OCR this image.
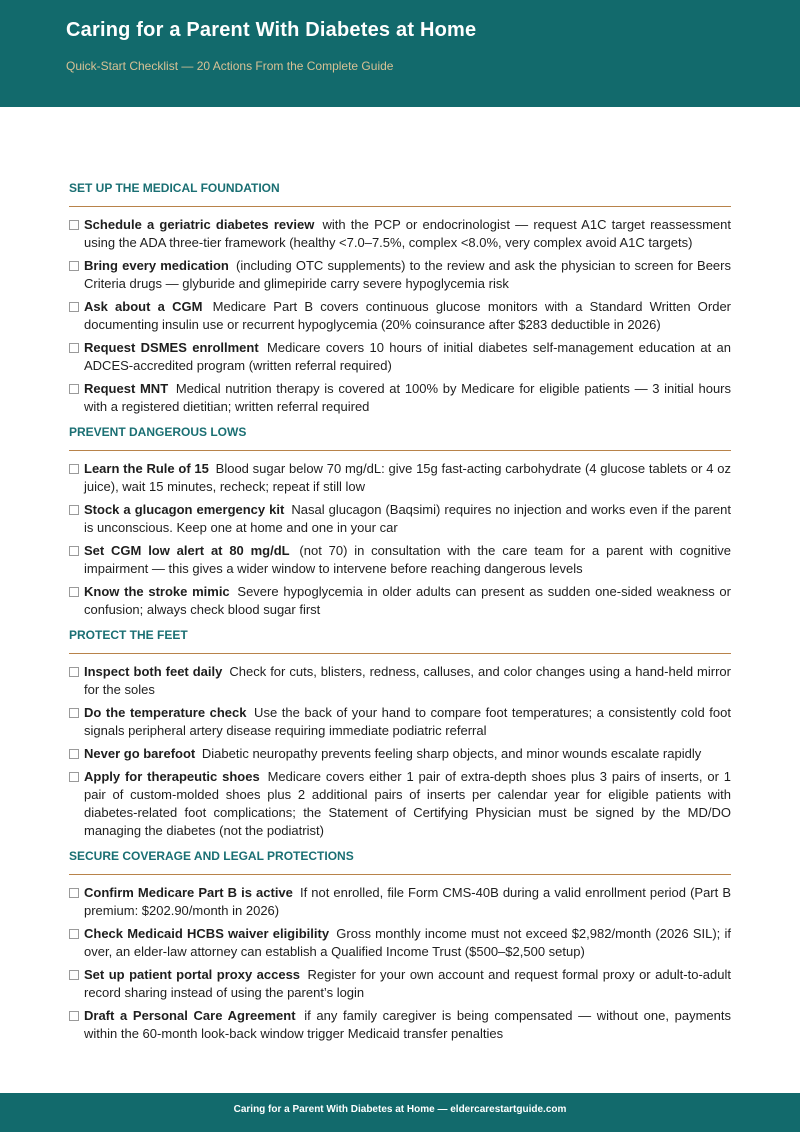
Caring for a Parent With Diabetes at Home
Quick-Start Checklist — 20 Actions From the Complete Guide
SET UP THE MEDICAL FOUNDATION
Schedule a geriatric diabetes review with the PCP or endocrinologist — request A1C target reassessment using the ADA three-tier framework (healthy <7.0–7.5%, complex <8.0%, very complex avoid A1C targets)
Bring every medication (including OTC supplements) to the review and ask the physician to screen for Beers Criteria drugs — glyburide and glimepiride carry severe hypoglycemia risk
Ask about a CGM Medicare Part B covers continuous glucose monitors with a Standard Written Order documenting insulin use or recurrent hypoglycemia (20% coinsurance after $283 deductible in 2026)
Request DSMES enrollment Medicare covers 10 hours of initial diabetes self-management education at an ADCES-accredited program (written referral required)
Request MNT Medical nutrition therapy is covered at 100% by Medicare for eligible patients — 3 initial hours with a registered dietitian; written referral required
PREVENT DANGEROUS LOWS
Learn the Rule of 15 Blood sugar below 70 mg/dL: give 15g fast-acting carbohydrate (4 glucose tablets or 4 oz juice), wait 15 minutes, recheck; repeat if still low
Stock a glucagon emergency kit Nasal glucagon (Baqsimi) requires no injection and works even if the parent is unconscious. Keep one at home and one in your car
Set CGM low alert at 80 mg/dL (not 70) in consultation with the care team for a parent with cognitive impairment — this gives a wider window to intervene before reaching dangerous levels
Know the stroke mimic Severe hypoglycemia in older adults can present as sudden one-sided weakness or confusion; always check blood sugar first
PROTECT THE FEET
Inspect both feet daily Check for cuts, blisters, redness, calluses, and color changes using a hand-held mirror for the soles
Do the temperature check Use the back of your hand to compare foot temperatures; a consistently cold foot signals peripheral artery disease requiring immediate podiatric referral
Never go barefoot Diabetic neuropathy prevents feeling sharp objects, and minor wounds escalate rapidly
Apply for therapeutic shoes Medicare covers either 1 pair of extra-depth shoes plus 3 pairs of inserts, or 1 pair of custom-molded shoes plus 2 additional pairs of inserts per calendar year for eligible patients with diabetes-related foot complications; the Statement of Certifying Physician must be signed by the MD/DO managing the diabetes (not the podiatrist)
SECURE COVERAGE AND LEGAL PROTECTIONS
Confirm Medicare Part B is active If not enrolled, file Form CMS-40B during a valid enrollment period (Part B premium: $202.90/month in 2026)
Check Medicaid HCBS waiver eligibility Gross monthly income must not exceed $2,982/month (2026 SIL); if over, an elder-law attorney can establish a Qualified Income Trust ($500–$2,500 setup)
Set up patient portal proxy access Register for your own account and request formal proxy or adult-to-adult record sharing instead of using the parent’s login
Draft a Personal Care Agreement if any family caregiver is being compensated — without one, payments within the 60-month look-back window trigger Medicaid transfer penalties
Caring for a Parent With Diabetes at Home — eldercarestartguide.com
